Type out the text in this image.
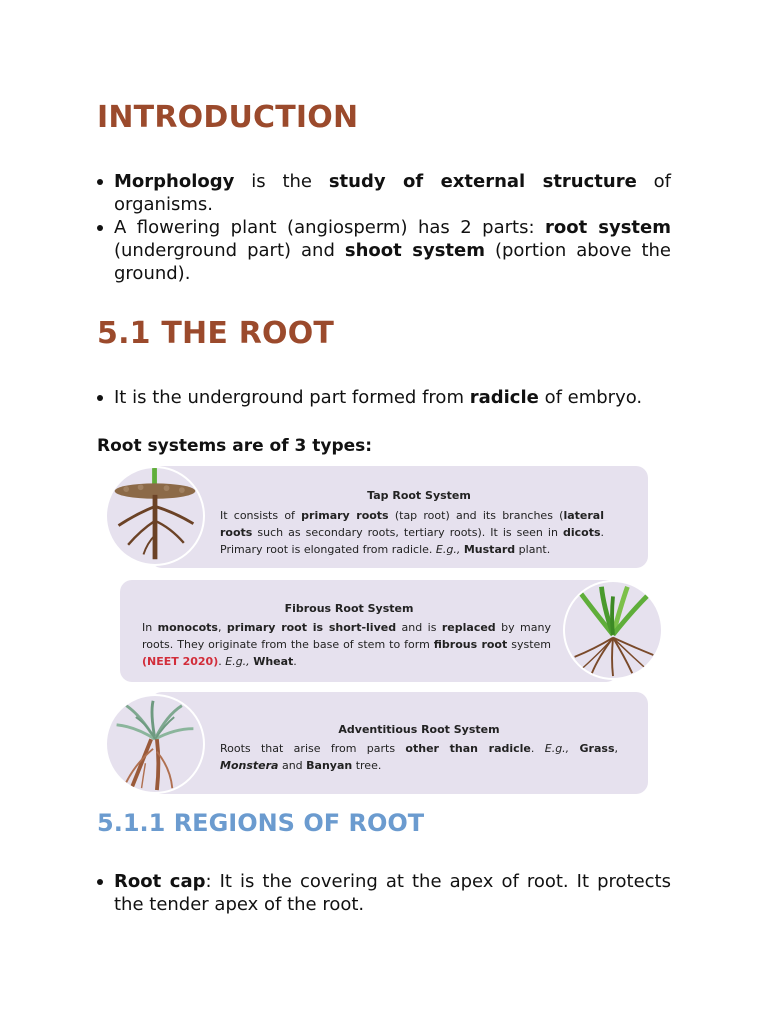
INTRODUCTION
Morphology is the study of external structure of organisms.
A flowering plant (angiosperm) has 2 parts: root system (underground part) and shoot system (portion above the ground).
5.1 THE ROOT
It is the underground part formed from radicle of embryo.
Root systems are of 3 types:
Tap Root System
It consists of primary roots (tap root) and its branches (lateral roots such as secondary roots, tertiary roots). It is seen in dicots. Primary root is elongated from radicle. E.g., Mustard plant.
Fibrous Root System
In monocots, primary root is short-lived and is replaced by many roots. They originate from the base of stem to form fibrous root system (NEET 2020). E.g., Wheat.
Adventitious Root System
Roots that arise from parts other than radicle. E.g., Grass, Monstera and Banyan tree.
5.1.1 REGIONS OF ROOT
Root cap: It is the covering at the apex of root. It protects the tender apex of the root.
